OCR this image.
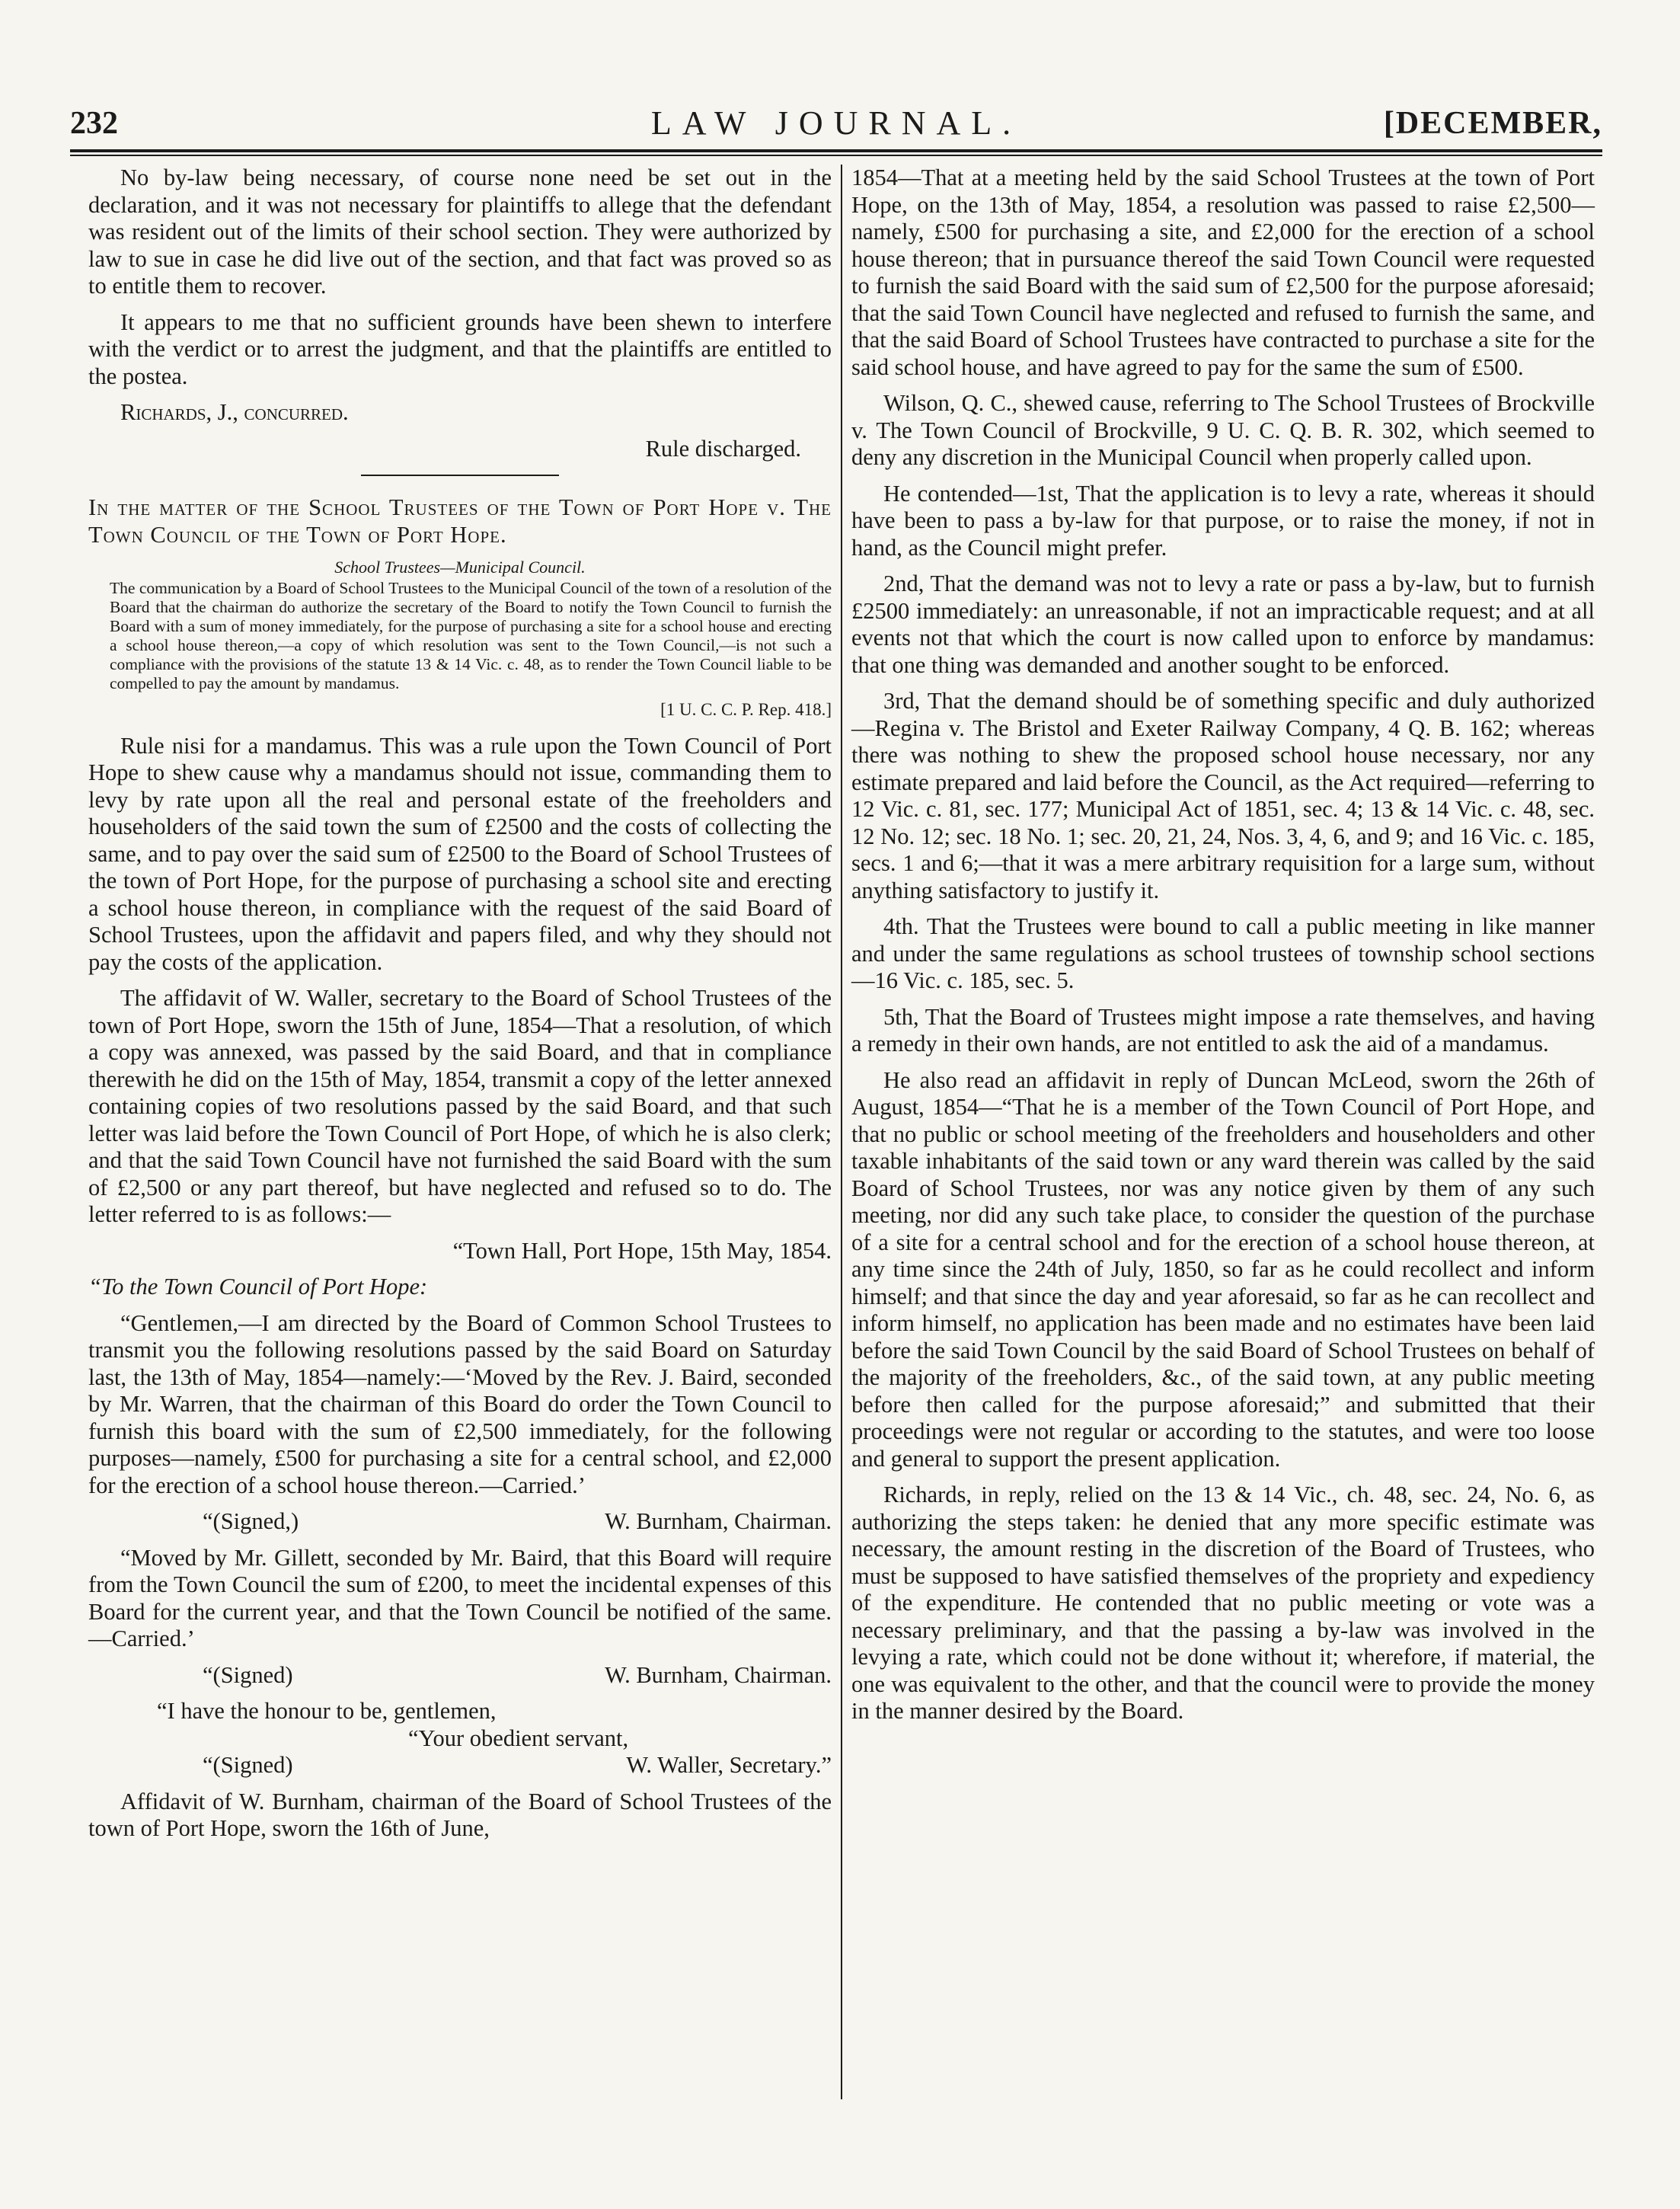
232	LAW JOURNAL.	[DECEMBER,

No by-law being necessary, of course none need be set out in the declaration, and it was not necessary for plaintiffs to allege that the defendant was resident out of the limits of their school section. They were authorized by law to sue in case he did live out of the section, and that fact was proved so as to entitle them to recover.

It appears to me that no sufficient grounds have been shewn to interfere with the verdict or to arrest the judgment, and that the plaintiffs are entitled to the postea.

Richards, J., concurred.

Rule discharged.

In the matter of the School Trustees of the Town of Port Hope v. The Town Council of the Town of Port Hope.

School Trustees—Municipal Council.

The communication by a Board of School Trustees to the Municipal Council of the town of a resolution of the Board that the chairman do authorize the secretary of the Board to notify the Town Council to furnish the Board with a sum of money immediately, for the purpose of purchasing a site for a school house and erecting a school house thereon,—a copy of which resolution was sent to the Town Council,—is not such a compliance with the provisions of the statute 13 & 14 Vic. c. 48, as to render the Town Council liable to be compelled to pay the amount by mandamus.

[1 U. C. C. P. Rep. 418.]

Rule nisi for a mandamus. This was a rule upon the Town Council of Port Hope to shew cause why a mandamus should not issue, commanding them to levy by rate upon all the real and personal estate of the freeholders and householders of the said town the sum of £2500 and the costs of collecting the same, and to pay over the said sum of £2500 to the Board of School Trustees of the town of Port Hope, for the purpose of purchasing a school site and erecting a school house thereon, in compliance with the request of the said Board of School Trustees, upon the affidavit and papers filed, and why they should not pay the costs of the application.

The affidavit of W. Waller, secretary to the Board of School Trustees of the town of Port Hope, sworn the 15th of June, 1854—That a resolution, of which a copy was annexed, was passed by the said Board, and that in compliance therewith he did on the 15th of May, 1854, transmit a copy of the letter annexed containing copies of two resolutions passed by the said Board, and that such letter was laid before the Town Council of Port Hope, of which he is also clerk; and that the said Town Council have not furnished the said Board with the sum of £2,500 or any part thereof, but have neglected and refused so to do. The letter referred to is as follows:—

“Town Hall, Port Hope, 15th May, 1854.

“To the Town Council of Port Hope:

“Gentlemen,—I am directed by the Board of Common School Trustees to transmit you the following resolutions passed by the said Board on Saturday last, the 13th of May, 1854—namely:—‘Moved by the Rev. J. Baird, seconded by Mr. Warren, that the chairman of this Board do order the Town Council to furnish this board with the sum of £2,500 immediately, for the following purposes—namely, £500 for purchasing a site for a central school, and £2,000 for the erection of a school house thereon.—Carried.’

“(Signed,)	W. Burnham, Chairman.

“Moved by Mr. Gillett, seconded by Mr. Baird, that this Board will require from the Town Council the sum of £200, to meet the incidental expenses of this Board for the current year, and that the Town Council be notified of the same.—Carried.’

“(Signed)	W. Burnham, Chairman.

“I have the honour to be, gentlemen,

“Your obedient servant,

“(Signed)	W. Waller, Secretary.”

Affidavit of W. Burnham, chairman of the Board of School Trustees of the town of Port Hope, sworn the 16th of June,

1854—That at a meeting held by the said School Trustees at the town of Port Hope, on the 13th of May, 1854, a resolution was passed to raise £2,500—namely, £500 for purchasing a site, and £2,000 for the erection of a school house thereon; that in pursuance thereof the said Town Council were requested to furnish the said Board with the said sum of £2,500 for the purpose aforesaid; that the said Town Council have neglected and refused to furnish the same, and that the said Board of School Trustees have contracted to purchase a site for the said school house, and have agreed to pay for the same the sum of £500.

Wilson, Q. C., shewed cause, referring to The School Trustees of Brockville v. The Town Council of Brockville, 9 U. C. Q. B. R. 302, which seemed to deny any discretion in the Municipal Council when properly called upon.

He contended—1st, That the application is to levy a rate, whereas it should have been to pass a by-law for that purpose, or to raise the money, if not in hand, as the Council might prefer.

2nd, That the demand was not to levy a rate or pass a by-law, but to furnish £2500 immediately: an unreasonable, if not an impracticable request; and at all events not that which the court is now called upon to enforce by mandamus: that one thing was demanded and another sought to be enforced.

3rd, That the demand should be of something specific and duly authorized—Regina v. The Bristol and Exeter Railway Company, 4 Q. B. 162; whereas there was nothing to shew the proposed school house necessary, nor any estimate prepared and laid before the Council, as the Act required—referring to 12 Vic. c. 81, sec. 177; Municipal Act of 1851, sec. 4; 13 & 14 Vic. c. 48, sec. 12 No. 12; sec. 18 No. 1; sec. 20, 21, 24, Nos. 3, 4, 6, and 9; and 16 Vic. c. 185, secs. 1 and 6;—that it was a mere arbitrary requisition for a large sum, without anything satisfactory to justify it.

4th. That the Trustees were bound to call a public meeting in like manner and under the same regulations as school trustees of township school sections—16 Vic. c. 185, sec. 5.

5th, That the Board of Trustees might impose a rate themselves, and having a remedy in their own hands, are not entitled to ask the aid of a mandamus.

He also read an affidavit in reply of Duncan McLeod, sworn the 26th of August, 1854—“That he is a member of the Town Council of Port Hope, and that no public or school meeting of the freeholders and householders and other taxable inhabitants of the said town or any ward therein was called by the said Board of School Trustees, nor was any notice given by them of any such meeting, nor did any such take place, to consider the question of the purchase of a site for a central school and for the erection of a school house thereon, at any time since the 24th of July, 1850, so far as he could recollect and inform himself; and that since the day and year aforesaid, so far as he can recollect and inform himself, no application has been made and no estimates have been laid before the said Town Council by the said Board of School Trustees on behalf of the majority of the freeholders, &c., of the said town, at any public meeting before then called for the purpose aforesaid;” and submitted that their proceedings were not regular or according to the statutes, and were too loose and general to support the present application.

Richards, in reply, relied on the 13 & 14 Vic., ch. 48, sec. 24, No. 6, as authorizing the steps taken: he denied that any more specific estimate was necessary, the amount resting in the discretion of the Board of Trustees, who must be supposed to have satisfied themselves of the propriety and expediency of the expenditure. He contended that no public meeting or vote was a necessary preliminary, and that the passing a by-law was involved in the levying a rate, which could not be done without it; wherefore, if material, the one was equivalent to the other, and that the council were to provide the money in the manner desired by the Board.
